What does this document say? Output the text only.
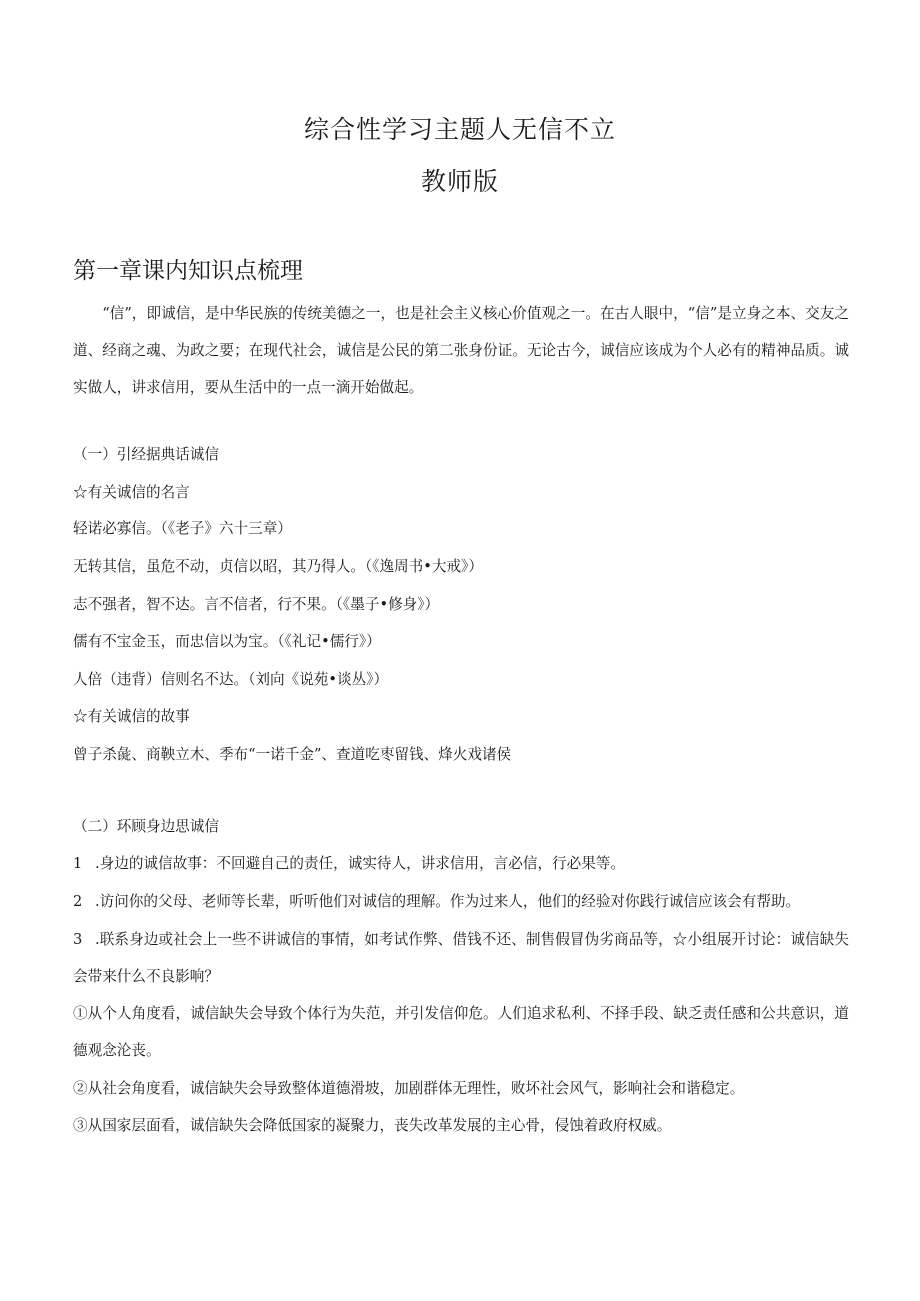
综合性学习主题人无信不立
教师版
第一章课内知识点梳理
“信”，即诚信，是中华民族的传统美德之一，也是社会主义核心价值观之一。在古人眼中，“信”是立身之本、交友之道、经商之魂、为政之要；在现代社会，诚信是公民的第二张身份证。无论古今，诚信应该成为个人必有的精神品质。诚实做人，讲求信用，要从生活中的一点一滴开始做起。
（一）引经据典话诚信
☆有关诚信的名言
轻诺必寡信。（《老子》六十三章）
无转其信，虽危不动，贞信以昭，其乃得人。（《逸周书•大戒》）
志不强者，智不达。言不信者，行不果。（《墨子•修身》）
儒有不宝金玉，而忠信以为宝。（《礼记•儒行》）
人倍（违背）信则名不达。（刘向《说苑•谈丛》）
☆有关诚信的故事
曾子杀彘、商鞅立木、季布“一诺千金”、查道吃枣留钱、烽火戏诸侯
（二）环顾身边思诚信
1 .身边的诚信故事：不回避自己的责任，诚实待人，讲求信用，言必信，行必果等。
2 .访问你的父母、老师等长辈，听听他们对诚信的理解。作为过来人，他们的经验对你践行诚信应该会有帮助。
3 .联系身边或社会上一些不讲诚信的事情，如考试作弊、借钱不还、制售假冒伪劣商品等，☆小组展开讨论：诚信缺失会带来什么不良影响？
①从个人角度看，诚信缺失会导致个体行为失范，并引发信仰危。人们追求私利、不择手段、缺乏责任感和公共意识，道德观念沦丧。
②从社会角度看，诚信缺失会导致整体道德滑坡，加剧群体无理性，败坏社会风气，影响社会和谐稳定。
③从国家层面看，诚信缺失会降低国家的凝聚力，丧失改革发展的主心骨，侵蚀着政府权威。
